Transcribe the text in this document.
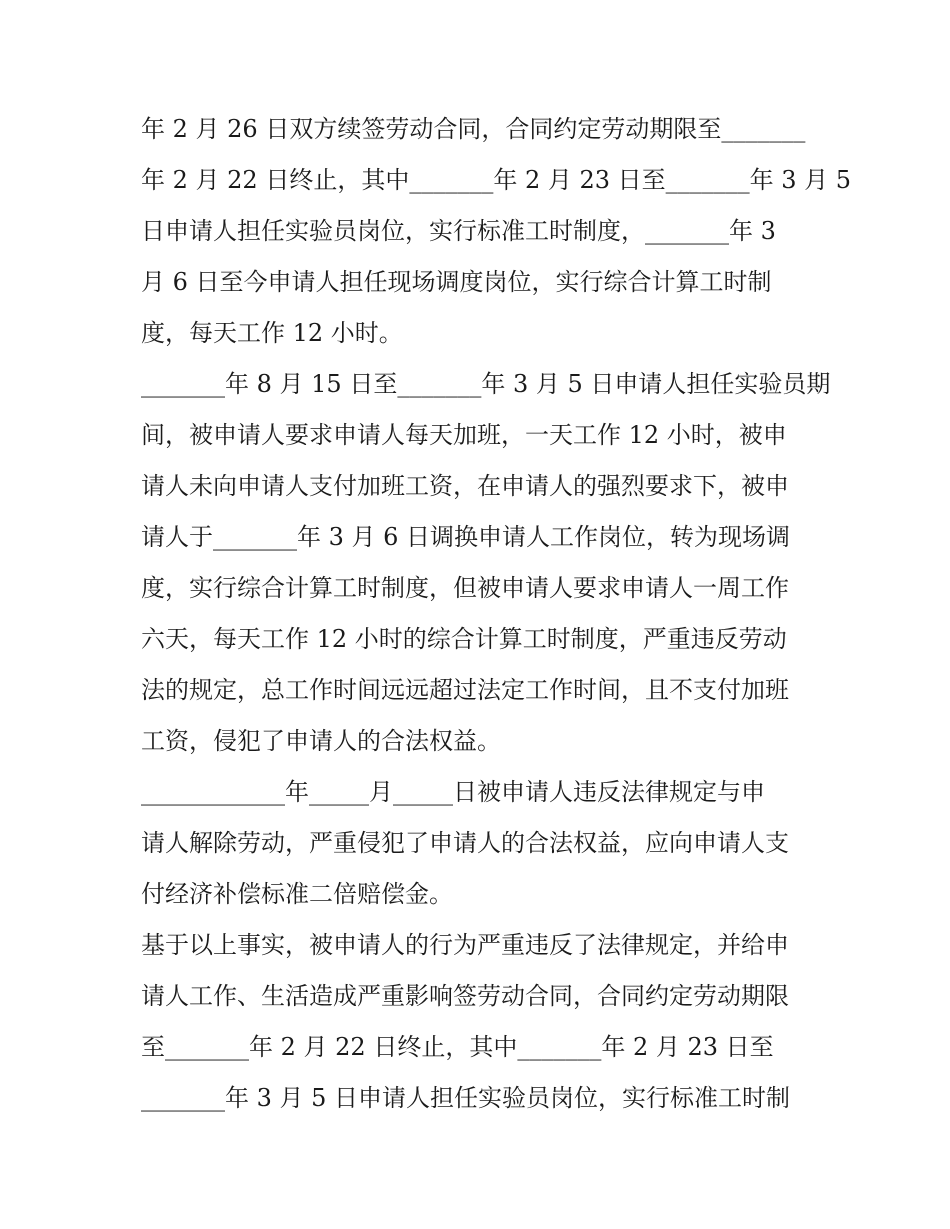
年 2 月 26 日双方续签劳动合同，合同约定劳动期限至_______
年 2 月 22 日终止，其中_______年 2 月 23 日至_______年 3 月 5
日申请人担任实验员岗位，实行标准工时制度，_______年 3
月 6 日至今申请人担任现场调度岗位，实行综合计算工时制
度，每天工作 12 小时。
_______年 8 月 15 日至_______年 3 月 5 日申请人担任实验员期
间，被申请人要求申请人每天加班，一天工作 12 小时，被申
请人未向申请人支付加班工资，在申请人的强烈要求下，被申
请人于_______年 3 月 6 日调换申请人工作岗位，转为现场调
度，实行综合计算工时制度，但被申请人要求申请人一周工作
六天，每天工作 12 小时的综合计算工时制度，严重违反劳动
法的规定，总工作时间远远超过法定工作时间，且不支付加班
工资，侵犯了申请人的合法权益。
____________年_____月_____日被申请人违反法律规定与申
请人解除劳动，严重侵犯了申请人的合法权益，应向申请人支
付经济补偿标准二倍赔偿金。
基于以上事实，被申请人的行为严重违反了法律规定，并给申
请人工作、生活造成严重影响签劳动合同，合同约定劳动期限
至_______年 2 月 22 日终止，其中_______年 2 月 23 日至
_______年 3 月 5 日申请人担任实验员岗位，实行标准工时制
